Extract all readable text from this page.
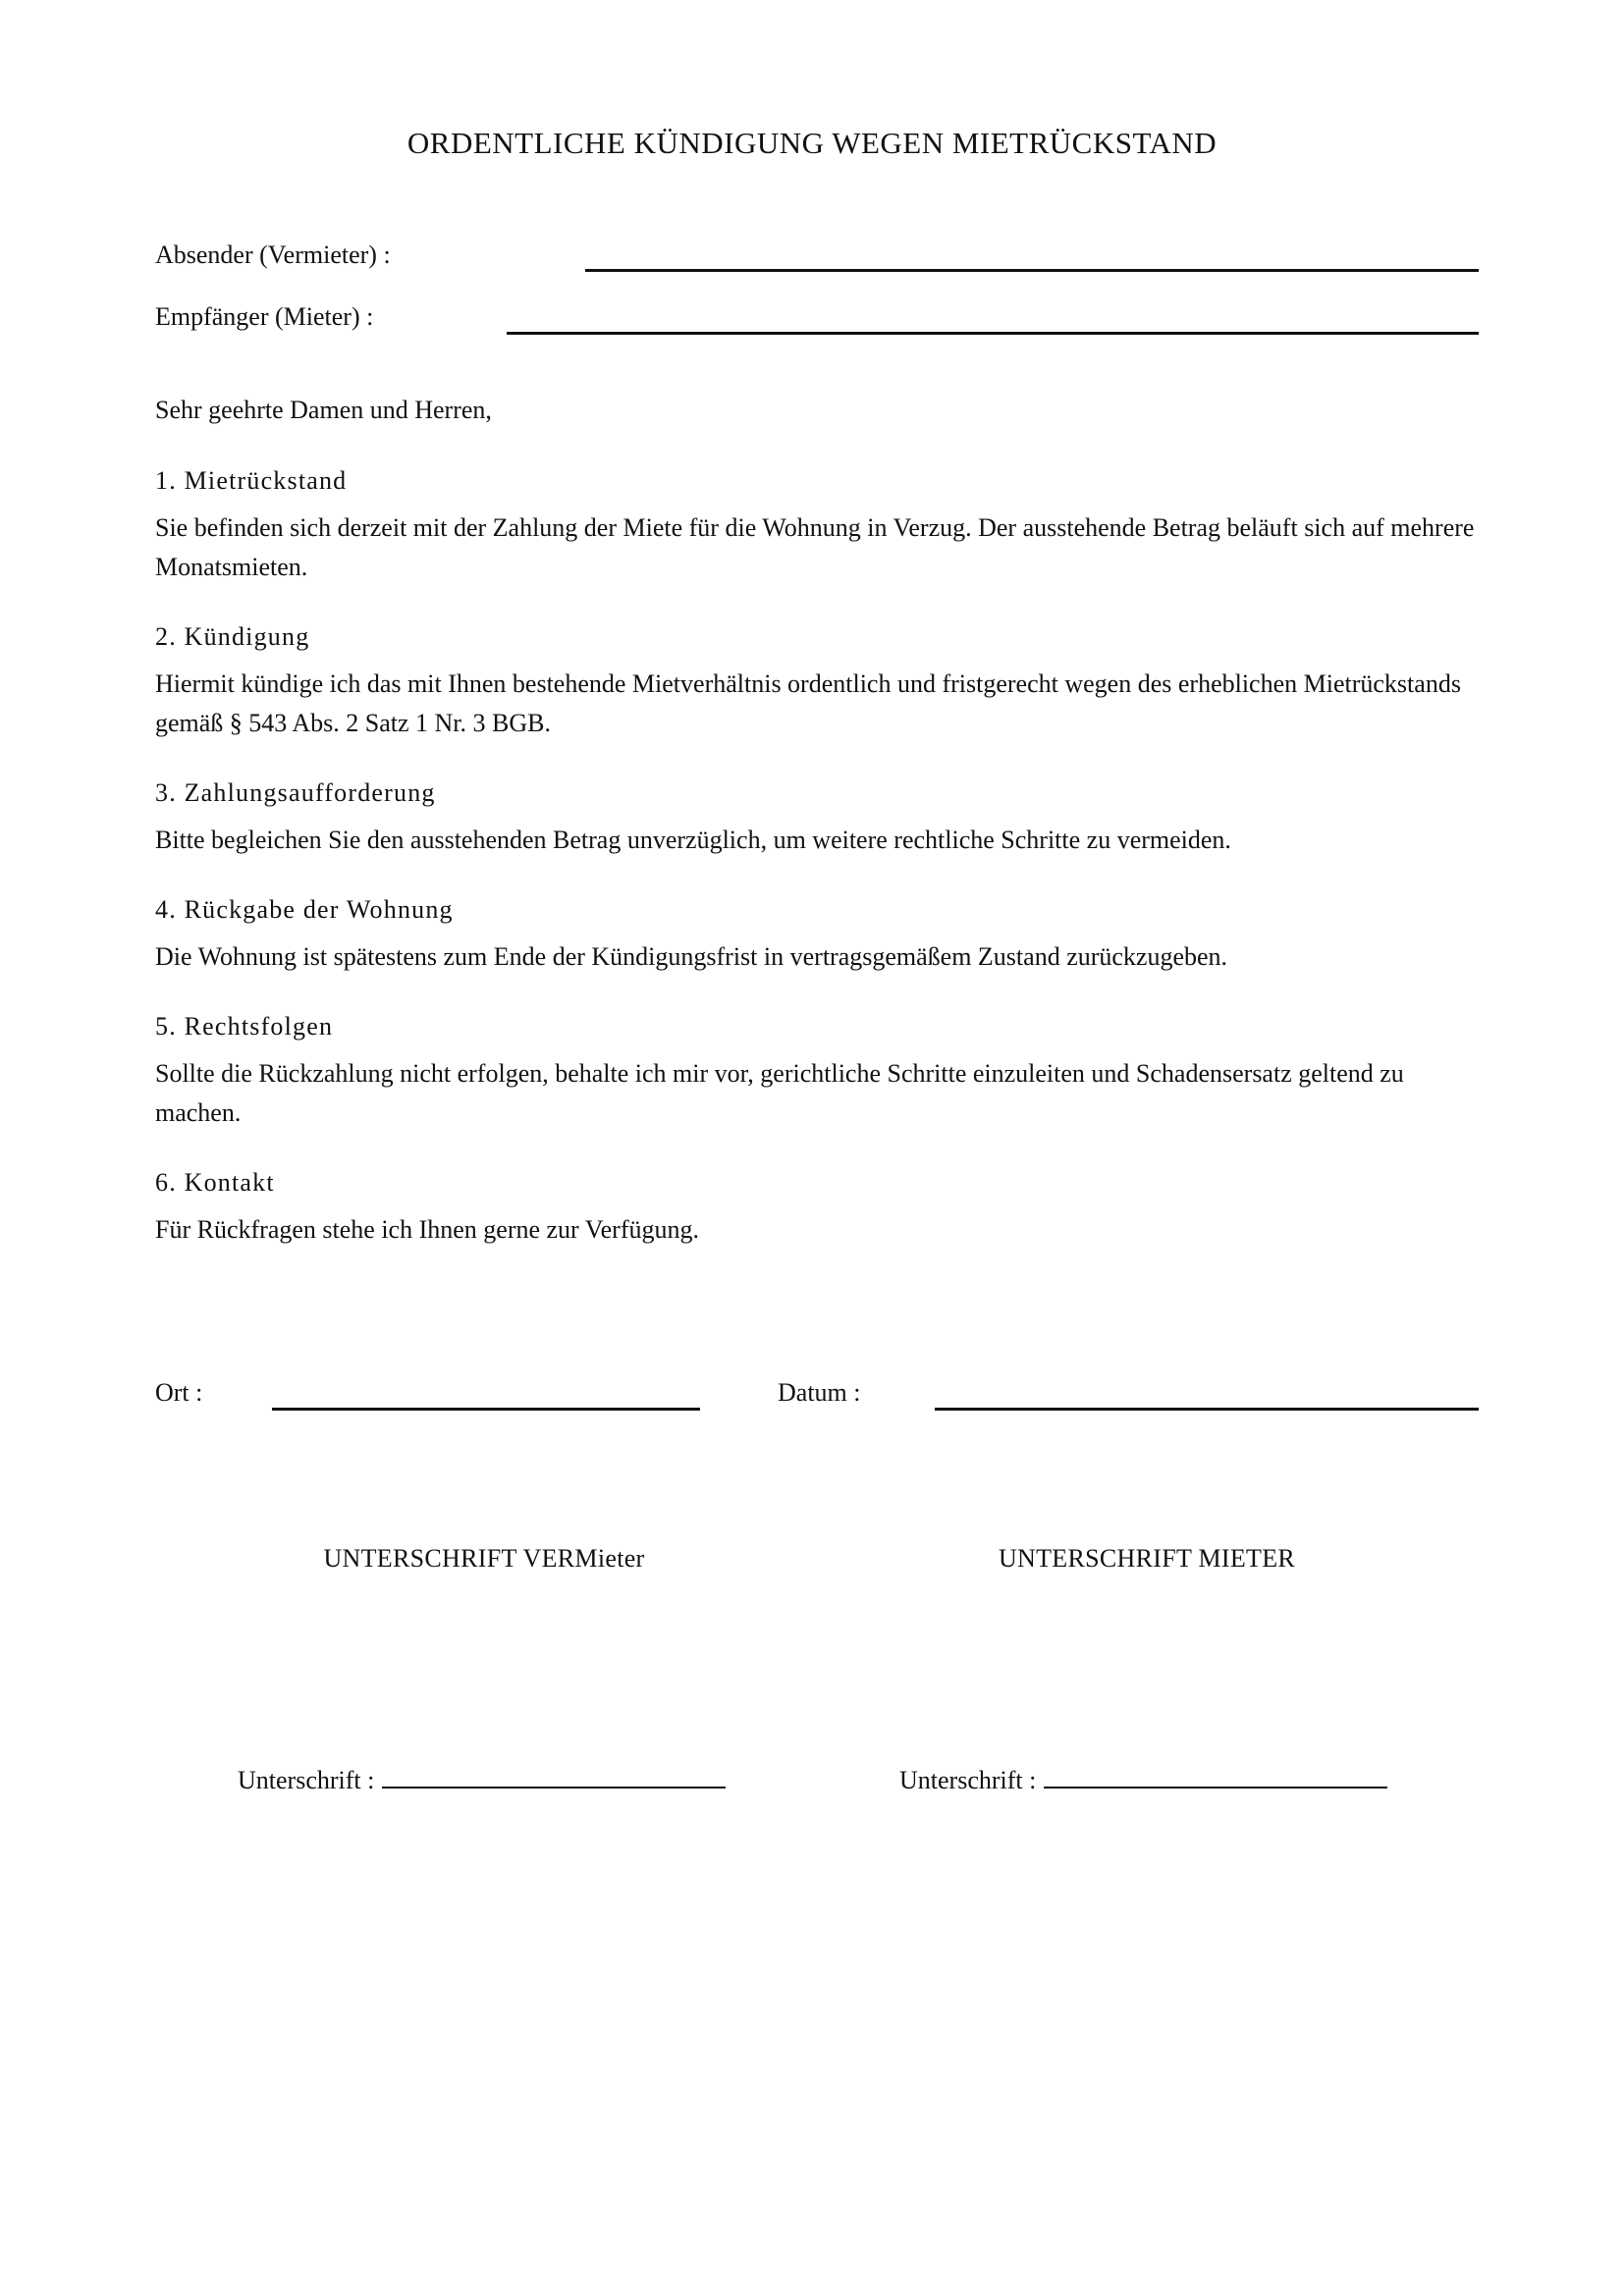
ORDENTLICHE KÜNDIGUNG WEGEN MIETRÜCKSTAND
Absender (Vermieter) :
Empfänger (Mieter) :
Sehr geehrte Damen und Herren,
1. Mietrückstand
Sie befinden sich derzeit mit der Zahlung der Miete für die Wohnung in Verzug. Der ausstehende Betrag beläuft sich auf mehrere Monatsmieten.
2. Kündigung
Hiermit kündige ich das mit Ihnen bestehende Mietverhältnis ordentlich und fristgerecht wegen des erheblichen Mietrückstands gemäß § 543 Abs. 2 Satz 1 Nr. 3 BGB.
3. Zahlungsaufforderung
Bitte begleichen Sie den ausstehenden Betrag unverzüglich, um weitere rechtliche Schritte zu vermeiden.
4. Rückgabe der Wohnung
Die Wohnung ist spätestens zum Ende der Kündigungsfrist in vertragsgemäßem Zustand zurückzugeben.
5. Rechtsfolgen
Sollte die Rückzahlung nicht erfolgen, behalte ich mir vor, gerichtliche Schritte einzuleiten und Schadensersatz geltend zu machen.
6. Kontakt
Für Rückfragen stehe ich Ihnen gerne zur Verfügung.
Ort :	Datum :
UNTERSCHRIFT VERMieter	UNTERSCHRIFT MIETER
Unterschrift :	Unterschrift :
